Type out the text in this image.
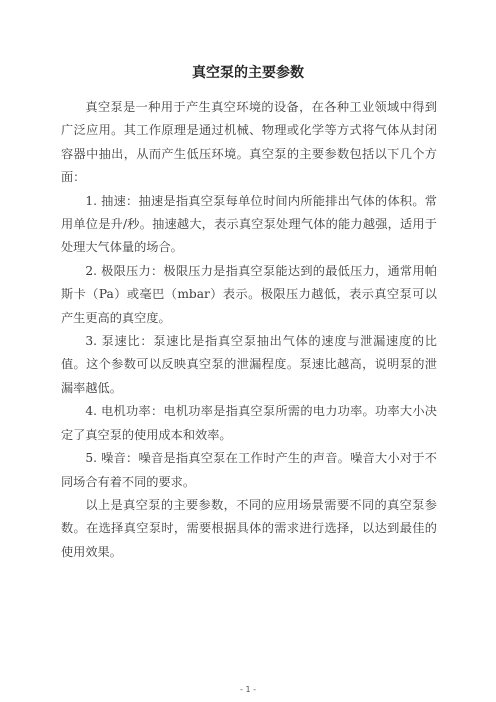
真空泵的主要参数

真空泵是一种用于产生真空环境的设备，在各种工业领域中得到广泛应用。其工作原理是通过机械、物理或化学等方式将气体从封闭容器中抽出，从而产生低压环境。真空泵的主要参数包括以下几个方面：

1. 抽速：抽速是指真空泵每单位时间内所能排出气体的体积。常用单位是升/秒。抽速越大，表示真空泵处理气体的能力越强，适用于处理大气体量的场合。

2. 极限压力：极限压力是指真空泵能达到的最低压力，通常用帕斯卡（Pa）或毫巴（mbar）表示。极限压力越低，表示真空泵可以产生更高的真空度。

3. 泵速比：泵速比是指真空泵抽出气体的速度与泄漏速度的比值。这个参数可以反映真空泵的泄漏程度。泵速比越高，说明泵的泄漏率越低。

4. 电机功率：电机功率是指真空泵所需的电力功率。功率大小决定了真空泵的使用成本和效率。

5. 噪音：噪音是指真空泵在工作时产生的声音。噪音大小对于不同场合有着不同的要求。

以上是真空泵的主要参数，不同的应用场景需要不同的真空泵参数。在选择真空泵时，需要根据具体的需求进行选择，以达到最佳的使用效果。

- 1 -
